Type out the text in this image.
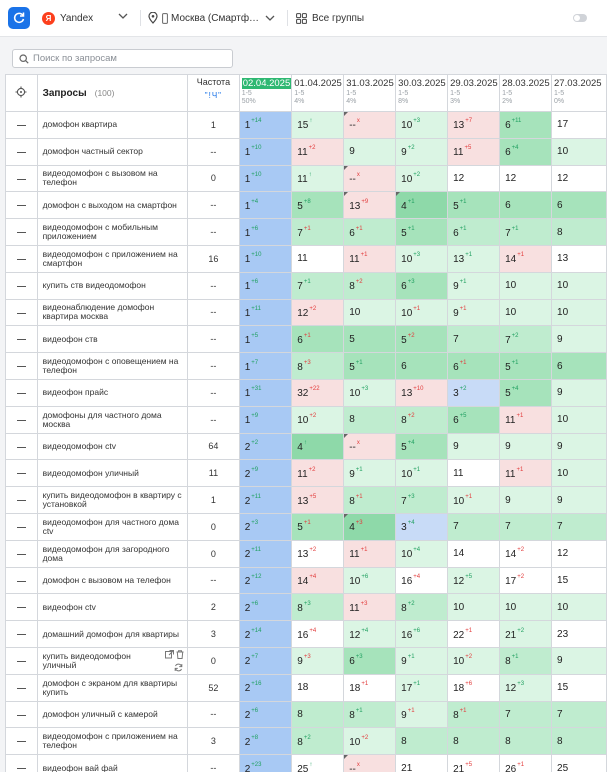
Я Yandex	Москва (Смартф…	Все группы
Поиск по запросам
	Запросы (100)	Частота
"!Ч"	02.04.2025
1-5
50%	01.04.2025
1-5
4%	31.03.2025
1-5
4%	30.03.2025
1-5
8%	29.03.2025
1-5
3%	28.03.2025
1-5
2%	27.03.2025
1-5
0%

	домофон квартира	1	$1^{+14}$	15↑	--$^x$	$10^{+3}$	$13^{+7}$	$6^{+11}$	17
	домофон частный сектор	--	$1^{+10}$	$11^{+2}$	9	$9^{+2}$	$11^{+5}$	$6^{+4}$	10
	видеодомофон с вызовом на телефон	0	$1^{+10}$	11↑	--$^x$	$10^{+2}$	12	12	12
	домофон с выходом на смартфон	--	$1^{+4}$	$5^{+8}$	$13^{+9}$	$4^{+1}$	$5^{+1}$	6	6
	видеодомофон с мобильным приложением	--	$1^{+6}$	$7^{+1}$	$6^{+1}$	$5^{+1}$	$6^{+1}$	$7^{+1}$	8
	видеодомофон с приложением на смартфон	16	$1^{+10}$	11	$11^{+1}$	$10^{+3}$	$13^{+1}$	$14^{+1}$	13
	купить ств видеодомофон	--	$1^{+6}$	$7^{+1}$	$8^{+2}$	$6^{+3}$	$9^{+1}$	10	10
	видеонаблюдение домофон квартира москва	--	$1^{+11}$	$12^{+2}$	10	$10^{+1}$	$9^{+1}$	10	10
	видеофон ств	--	$1^{+5}$	$6^{+1}$	5	$5^{+2}$	7	$7^{+2}$	9
	видеодомофон с оповещением на телефон	--	$1^{+7}$	$8^{+3}$	$5^{+1}$	6	$6^{+1}$	$5^{+1}$	6
	видеофон прайс	--	$1^{+31}$	$32^{+22}$	$10^{+3}$	$13^{+10}$	$3^{+2}$	$5^{+4}$	9
	домофоны для частного дома москва	--	$1^{+9}$	$10^{+2}$	8	$8^{+2}$	$6^{+5}$	$11^{+1}$	10
	видеодомофон ctv	64	$2^{+2}$	4↑	--$^x$	$5^{+4}$	9	9	9
	видеодомофон уличный	11	$2^{+9}$	$11^{+2}$	$9^{+1}$	$10^{+1}$	11	$11^{+1}$	10
	купить видеодомофон в квартиру с установкой	1	$2^{+11}$	$13^{+5}$	$8^{+1}$	$7^{+3}$	$10^{+1}$	9	9
	видеодомофон для частного дома ctv	0	$2^{+3}$	$5^{+1}$	$4^{+3}$	$3^{+4}$	7	7	7
	видеодомофон для загородного дома	0	$2^{+11}$	$13^{+2}$	$11^{+1}$	$10^{+4}$	14	$14^{+2}$	12
	домофон с вызовом на телефон	--	$2^{+12}$	$14^{+4}$	$10^{+6}$	$16^{+4}$	$12^{+5}$	$17^{+2}$	15
	видеофон ctv	2	$2^{+6}$	$8^{+3}$	$11^{+3}$	$8^{+2}$	10	10	10
	домашний домофон для квартиры	3	$2^{+14}$	$16^{+4}$	$12^{+4}$	$16^{+6}$	$22^{+1}$	$21^{+2}$	23
	купить видеодомофон уличный	0	$2^{+7}$	$9^{+3}$	$6^{+3}$	$9^{+1}$	$10^{+2}$	$8^{+1}$	9
	домофон с экраном для квартиры купить	52	$2^{+16}$	18	$18^{+1}$	$17^{+1}$	$18^{+6}$	$12^{+3}$	15
	домофон уличный с камерой	--	$2^{+6}$	8	$8^{+1}$	$9^{+1}$	$8^{+1}$	7	7
	видеодомофон с приложением на телефон	3	$2^{+8}$	$8^{+2}$	$10^{+2}$	8	8	8	8
	видеофон вай фай	--	$2^{+23}$	25↑	--$^x$	21	$21^{+5}$	$26^{+1}$	25
